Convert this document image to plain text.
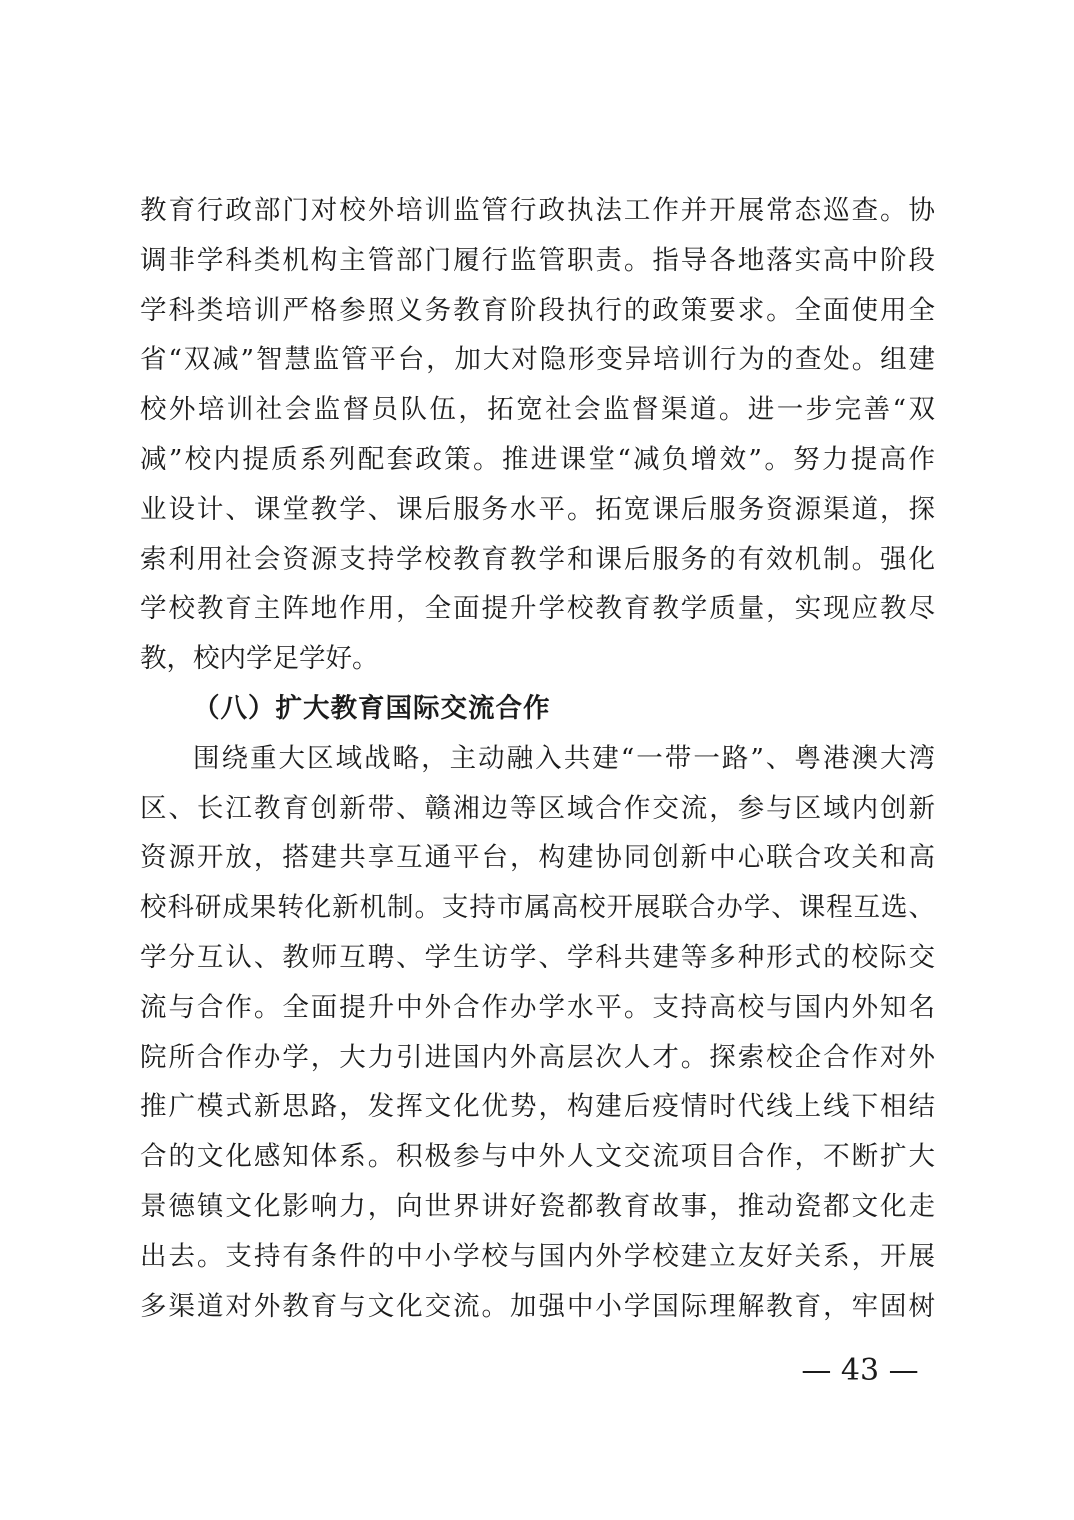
教育行政部门对校外培训监管行政执法工作并开展常态巡查。协
调非学科类机构主管部门履行监管职责。指导各地落实高中阶段
学科类培训严格参照义务教育阶段执行的政策要求。全面使用全
省“双减”智慧监管平台，加大对隐形变异培训行为的查处。组建
校外培训社会监督员队伍，拓宽社会监督渠道。进一步完善“双
减”校内提质系列配套政策。推进课堂“减负增效”。努力提高作
业设计、课堂教学、课后服务水平。拓宽课后服务资源渠道，探
索利用社会资源支持学校教育教学和课后服务的有效机制。强化
学校教育主阵地作用，全面提升学校教育教学质量，实现应教尽
教，校内学足学好。
（八）扩大教育国际交流合作
围绕重大区域战略，主动融入共建“一带一路”、粤港澳大湾
区、长江教育创新带、赣湘边等区域合作交流，参与区域内创新
资源开放，搭建共享互通平台，构建协同创新中心联合攻关和高
校科研成果转化新机制。支持市属高校开展联合办学、课程互选、
学分互认、教师互聘、学生访学、学科共建等多种形式的校际交
流与合作。全面提升中外合作办学水平。支持高校与国内外知名
院所合作办学，大力引进国内外高层次人才。探索校企合作对外
推广模式新思路，发挥文化优势，构建后疫情时代线上线下相结
合的文化感知体系。积极参与中外人文交流项目合作，不断扩大
景德镇文化影响力，向世界讲好瓷都教育故事，推动瓷都文化走
出去。支持有条件的中小学校与国内外学校建立友好关系，开展
多渠道对外教育与文化交流。加强中小学国际理解教育，牢固树
— 43 —
